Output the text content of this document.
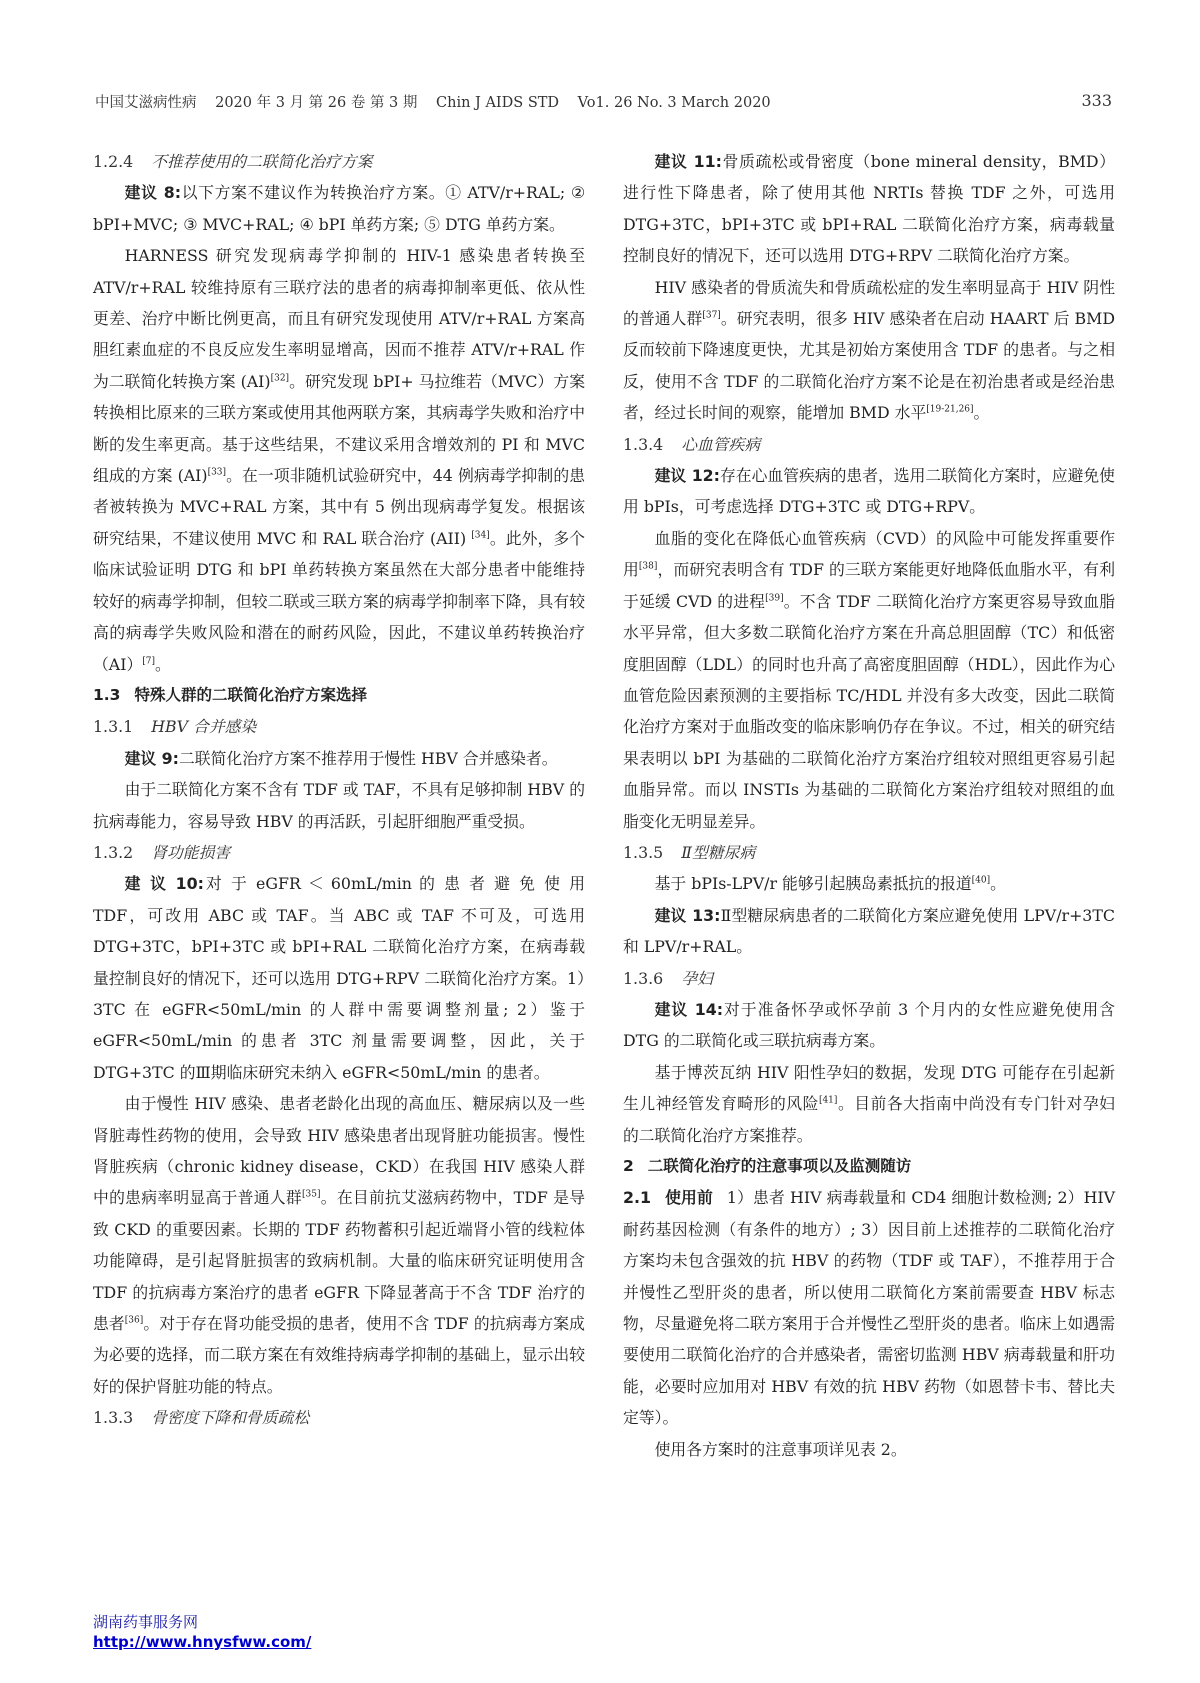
中国艾滋病性病 2020 年 3 月 第 26 卷 第 3 期 Chin J AIDS STD Vo1. 26 No. 3 March 2020	333

1.2.4 不推荐使用的二联简化治疗方案

建议 8:以下方案不建议作为转换治疗方案。① ATV/r+RAL; ② bPI+MVC; ③ MVC+RAL; ④ bPI 单药方案; ⑤ DTG 单药方案。

HARNESS 研究发现病毒学抑制的 HIV-1 感染患者转换至 ATV/r+RAL 较维持原有三联疗法的患者的病毒抑制率更低、依从性更差、治疗中断比例更高，而且有研究发现使用 ATV/r+RAL 方案高胆红素血症的不良反应发生率明显增高，因而不推荐 ATV/r+RAL 作为二联简化转换方案 (AI)[32]。研究发现 bPI+ 马拉维若（MVC）方案转换相比原来的三联方案或使用其他两联方案，其病毒学失败和治疗中断的发生率更高。基于这些结果，不建议采用含增效剂的 PI 和 MVC 组成的方案 (AI)[33]。在一项非随机试验研究中，44 例病毒学抑制的患者被转换为 MVC+RAL 方案，其中有 5 例出现病毒学复发。根据该研究结果，不建议使用 MVC 和 RAL 联合治疗 (AII) [34]。此外，多个临床试验证明 DTG 和 bPI 单药转换方案虽然在大部分患者中能维持较好的病毒学抑制，但较二联或三联方案的病毒学抑制率下降，具有较高的病毒学失败风险和潜在的耐药风险，因此，不建议单药转换治疗（AI）[7]。

1.3 特殊人群的二联简化治疗方案选择

1.3.1 HBV 合并感染

建议 9:二联简化治疗方案不推荐用于慢性 HBV 合并感染者。

由于二联简化方案不含有 TDF 或 TAF，不具有足够抑制 HBV 的抗病毒能力，容易导致 HBV 的再活跃，引起肝细胞严重受损。

1.3.2 肾功能损害

建 议 10:对 于 eGFR ＜ 60mL/min 的 患 者 避 免 使 用 TDF，可改用 ABC 或 TAF。当 ABC 或 TAF 不可及，可选用 DTG+3TC，bPI+3TC 或 bPI+RAL 二联简化治疗方案，在病毒载量控制良好的情况下，还可以选用 DTG+RPV 二联简化治疗方案。1）3TC 在 eGFR<50mL/min 的人群中需要调整剂量; 2）鉴于 eGFR<50mL/min 的患者 3TC 剂量需要调整，因此，关于 DTG+3TC 的Ⅲ期临床研究未纳入 eGFR<50mL/min 的患者。

由于慢性 HIV 感染、患者老龄化出现的高血压、糖尿病以及一些肾脏毒性药物的使用，会导致 HIV 感染患者出现肾脏功能损害。慢性肾脏疾病（chronic kidney disease，CKD）在我国 HIV 感染人群中的患病率明显高于普通人群[35]。在目前抗艾滋病药物中，TDF 是导致 CKD 的重要因素。长期的 TDF 药物蓄积引起近端肾小管的线粒体功能障碍，是引起肾脏损害的致病机制。大量的临床研究证明使用含 TDF 的抗病毒方案治疗的患者 eGFR 下降显著高于不含 TDF 治疗的患者[36]。对于存在肾功能受损的患者，使用不含 TDF 的抗病毒方案成为必要的选择，而二联方案在有效维持病毒学抑制的基础上，显示出较好的保护肾脏功能的特点。

1.3.3 骨密度下降和骨质疏松

建议 11:骨质疏松或骨密度（bone mineral density，BMD）进行性下降患者，除了使用其他 NRTIs 替换 TDF 之外，可选用 DTG+3TC，bPI+3TC 或 bPI+RAL 二联简化治疗方案，病毒载量控制良好的情况下，还可以选用 DTG+RPV 二联简化治疗方案。

HIV 感染者的骨质流失和骨质疏松症的发生率明显高于 HIV 阴性的普通人群[37]。研究表明，很多 HIV 感染者在启动 HAART 后 BMD 反而较前下降速度更快，尤其是初始方案使用含 TDF 的患者。与之相反，使用不含 TDF 的二联简化治疗方案不论是在初治患者或是经治患者，经过长时间的观察，能增加 BMD 水平[19-21,26]。

1.3.4 心血管疾病

建议 12:存在心血管疾病的患者，选用二联简化方案时，应避免使用 bPIs，可考虑选择 DTG+3TC 或 DTG+RPV。

血脂的变化在降低心血管疾病（CVD）的风险中可能发挥重要作用[38]，而研究表明含有 TDF 的三联方案能更好地降低血脂水平，有利于延缓 CVD 的进程[39]。不含 TDF 二联简化治疗方案更容易导致血脂水平异常，但大多数二联简化治疗方案在升高总胆固醇（TC）和低密度胆固醇（LDL）的同时也升高了高密度胆固醇（HDL），因此作为心血管危险因素预测的主要指标 TC/HDL 并没有多大改变，因此二联简化治疗方案对于血脂改变的临床影响仍存在争议。不过，相关的研究结果表明以 bPI 为基础的二联简化治疗方案治疗组较对照组更容易引起血脂异常。而以 INSTIs 为基础的二联简化方案治疗组较对照组的血脂变化无明显差异。

1.3.5 Ⅱ型糖尿病

基于 bPIs-LPV/r 能够引起胰岛素抵抗的报道[40]。

建议 13:Ⅱ型糖尿病患者的二联简化方案应避免使用 LPV/r+3TC 和 LPV/r+RAL。

1.3.6 孕妇

建议 14:对于准备怀孕或怀孕前 3 个月内的女性应避免使用含 DTG 的二联简化或三联抗病毒方案。

基于博茨瓦纳 HIV 阳性孕妇的数据，发现 DTG 可能存在引起新生儿神经管发育畸形的风险[41]。目前各大指南中尚没有专门针对孕妇的二联简化治疗方案推荐。

2 二联简化治疗的注意事项以及监测随访

2.1 使用前 1）患者 HIV 病毒载量和 CD4 细胞计数检测; 2）HIV 耐药基因检测（有条件的地方）; 3）因目前上述推荐的二联简化治疗方案均未包含强效的抗 HBV 的药物（TDF 或 TAF），不推荐用于合并慢性乙型肝炎的患者，所以使用二联简化方案前需要查 HBV 标志物，尽量避免将二联方案用于合并慢性乙型肝炎的患者。临床上如遇需要使用二联简化治疗的合并感染者，需密切监测 HBV 病毒载量和肝功能，必要时应加用对 HBV 有效的抗 HBV 药物（如恩替卡韦、替比夫定等）。

使用各方案时的注意事项详见表 2。

湖南药事服务网
http://www.hnysfww.com/
